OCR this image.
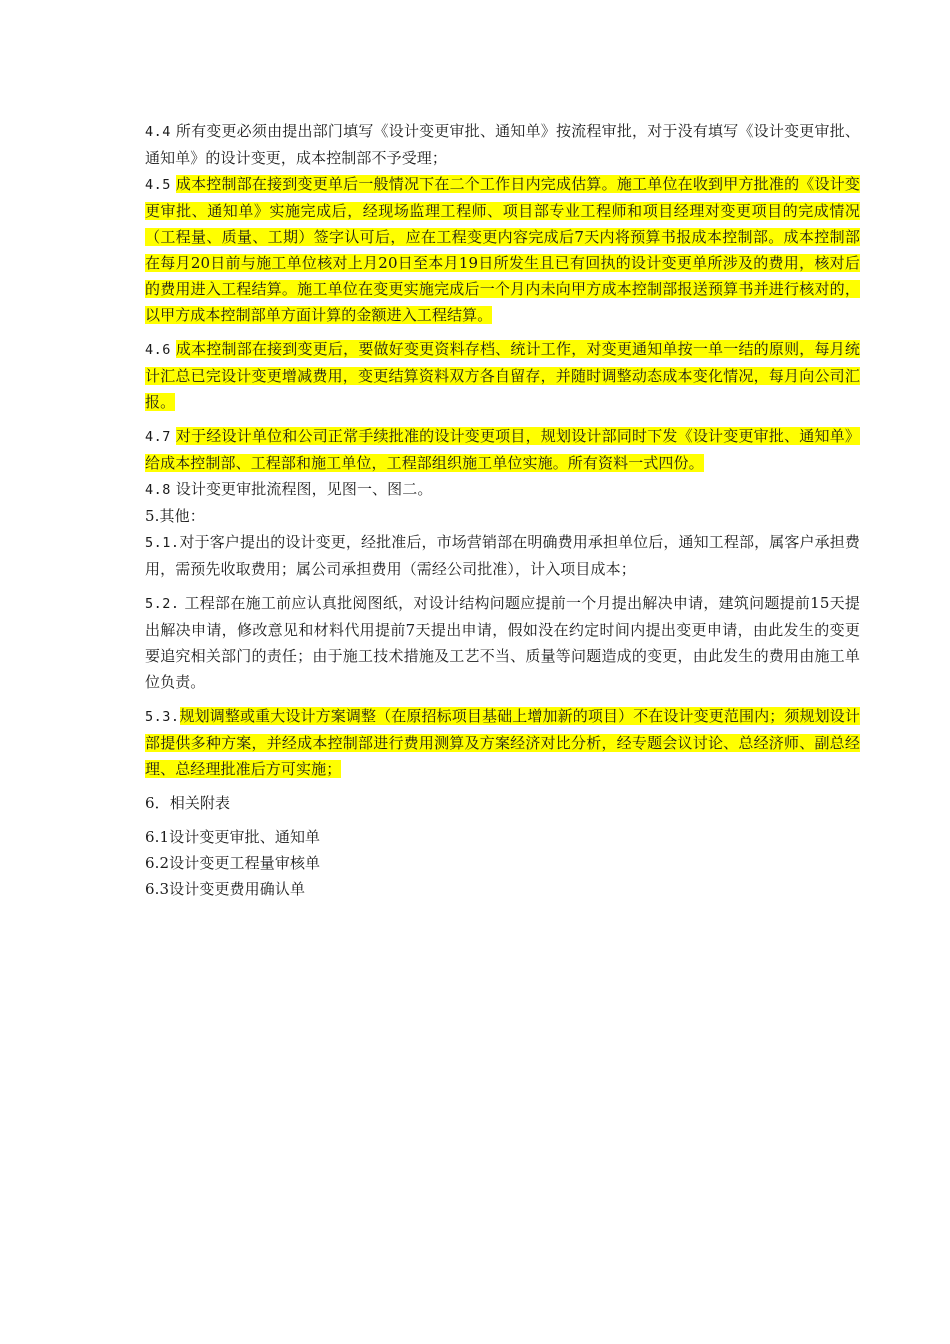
4.4 所有变更必须由提出部门填写《设计变更审批、通知单》按流程审批，对于没有填写《设计变更审批、通知单》的设计变更，成本控制部不予受理；

4.5 成本控制部在接到变更单后一般情况下在二个工作日内完成估算。施工单位在收到甲方批准的《设计变更审批、通知单》实施完成后，经现场监理工程师、项目部专业工程师和项目经理对变更项目的完成情况（工程量、质量、工期）签字认可后，应在工程变更内容完成后7天内将预算书报成本控制部。成本控制部在每月20日前与施工单位核对上月20日至本月19日所发生且已有回执的设计变更单所涉及的费用，核对后的费用进入工程结算。施工单位在变更实施完成后一个月内未向甲方成本控制部报送预算书并进行核对的，以甲方成本控制部单方面计算的金额进入工程结算。

4.6 成本控制部在接到变更后，要做好变更资料存档、统计工作，对变更通知单按一单一结的原则，每月统计汇总已完设计变更增减费用，变更结算资料双方各自留存，并随时调整动态成本变化情况，每月向公司汇报。

4.7 对于经设计单位和公司正常手续批准的设计变更项目，规划设计部同时下发《设计变更审批、通知单》给成本控制部、工程部和施工单位，工程部组织施工单位实施。所有资料一式四份。

4.8 设计变更审批流程图，见图一、图二。

5.其他：

5.1.对于客户提出的设计变更，经批准后，市场营销部在明确费用承担单位后，通知工程部，属客户承担费用，需预先收取费用；属公司承担费用（需经公司批准），计入项目成本；

5.2. 工程部在施工前应认真批阅图纸，对设计结构问题应提前一个月提出解决申请，建筑问题提前15天提出解决申请，修改意见和材料代用提前7天提出申请，假如没在约定时间内提出变更申请，由此发生的变更要追究相关部门的责任；由于施工技术措施及工艺不当、质量等问题造成的变更，由此发生的费用由施工单位负责。

5.3.规划调整或重大设计方案调整（在原招标项目基础上增加新的项目）不在设计变更范围内；须规划设计部提供多种方案，并经成本控制部进行费用测算及方案经济对比分析，经专题会议讨论、总经济师、副总经理、总经理批准后方可实施；

6．相关附表

6.1设计变更审批、通知单

6.2设计变更工程量审核单

6.3设计变更费用确认单
